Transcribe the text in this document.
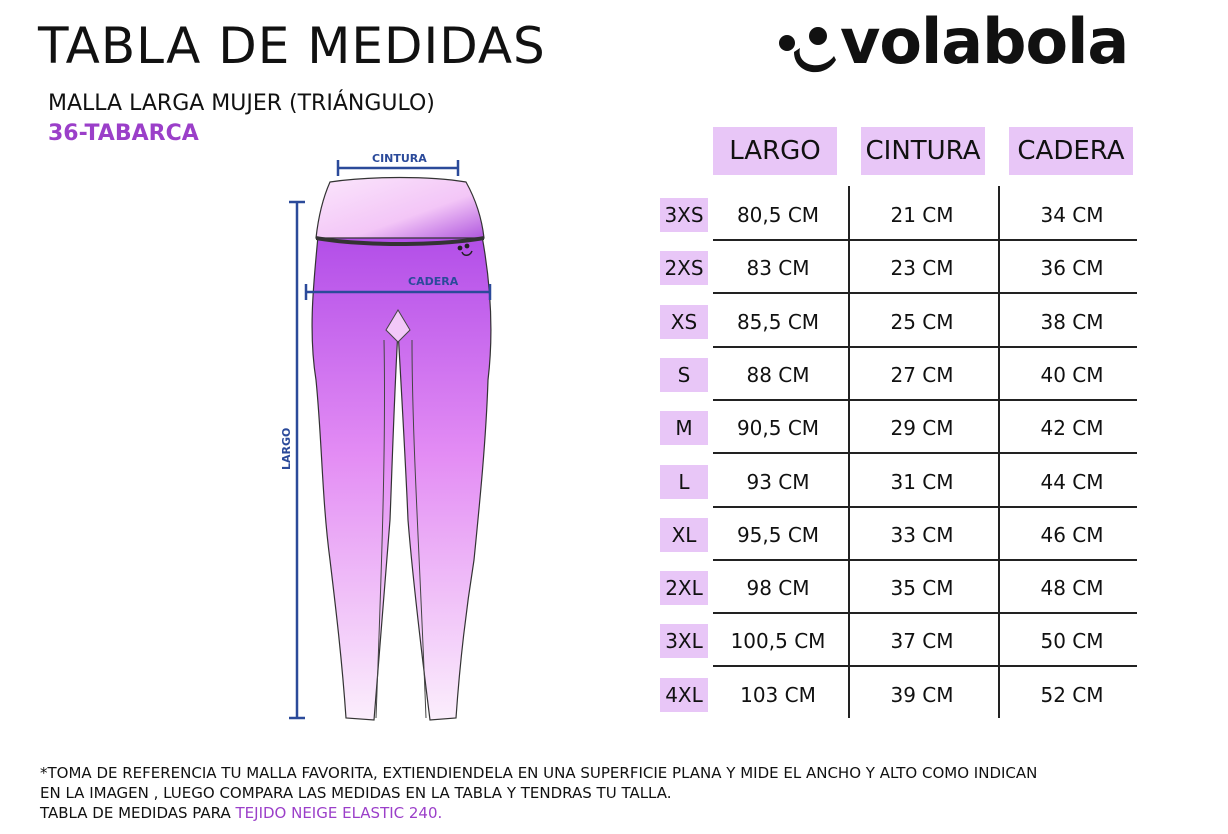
TABLA DE MEDIDAS
MALLA LARGA MUJER (TRIÁNGULO)
36-TABARCA
volabola
CINTURA
CADERA
LARGO
LARGO	CINTURA	CADERA
3XS	80,5 CM	21 CM	34 CM
2XS	83 CM	23 CM	36 CM
XS	85,5 CM	25 CM	38 CM
S	88 CM	27 CM	40 CM
M	90,5 CM	29 CM	42 CM
L	93 CM	31 CM	44 CM
XL	95,5 CM	33 CM	46 CM
2XL	98 CM	35 CM	48 CM
3XL	100,5 CM	37 CM	50 CM
4XL	103 CM	39 CM	52 CM
*TOMA DE REFERENCIA TU MALLA FAVORITA, EXTIENDIENDELA EN UNA SUPERFICIE PLANA Y MIDE EL ANCHO Y ALTO COMO INDICAN
EN LA IMAGEN , LUEGO COMPARA LAS MEDIDAS EN LA TABLA Y TENDRAS TU TALLA.
TABLA DE MEDIDAS PARA TEJIDO NEIGE ELASTIC 240.
